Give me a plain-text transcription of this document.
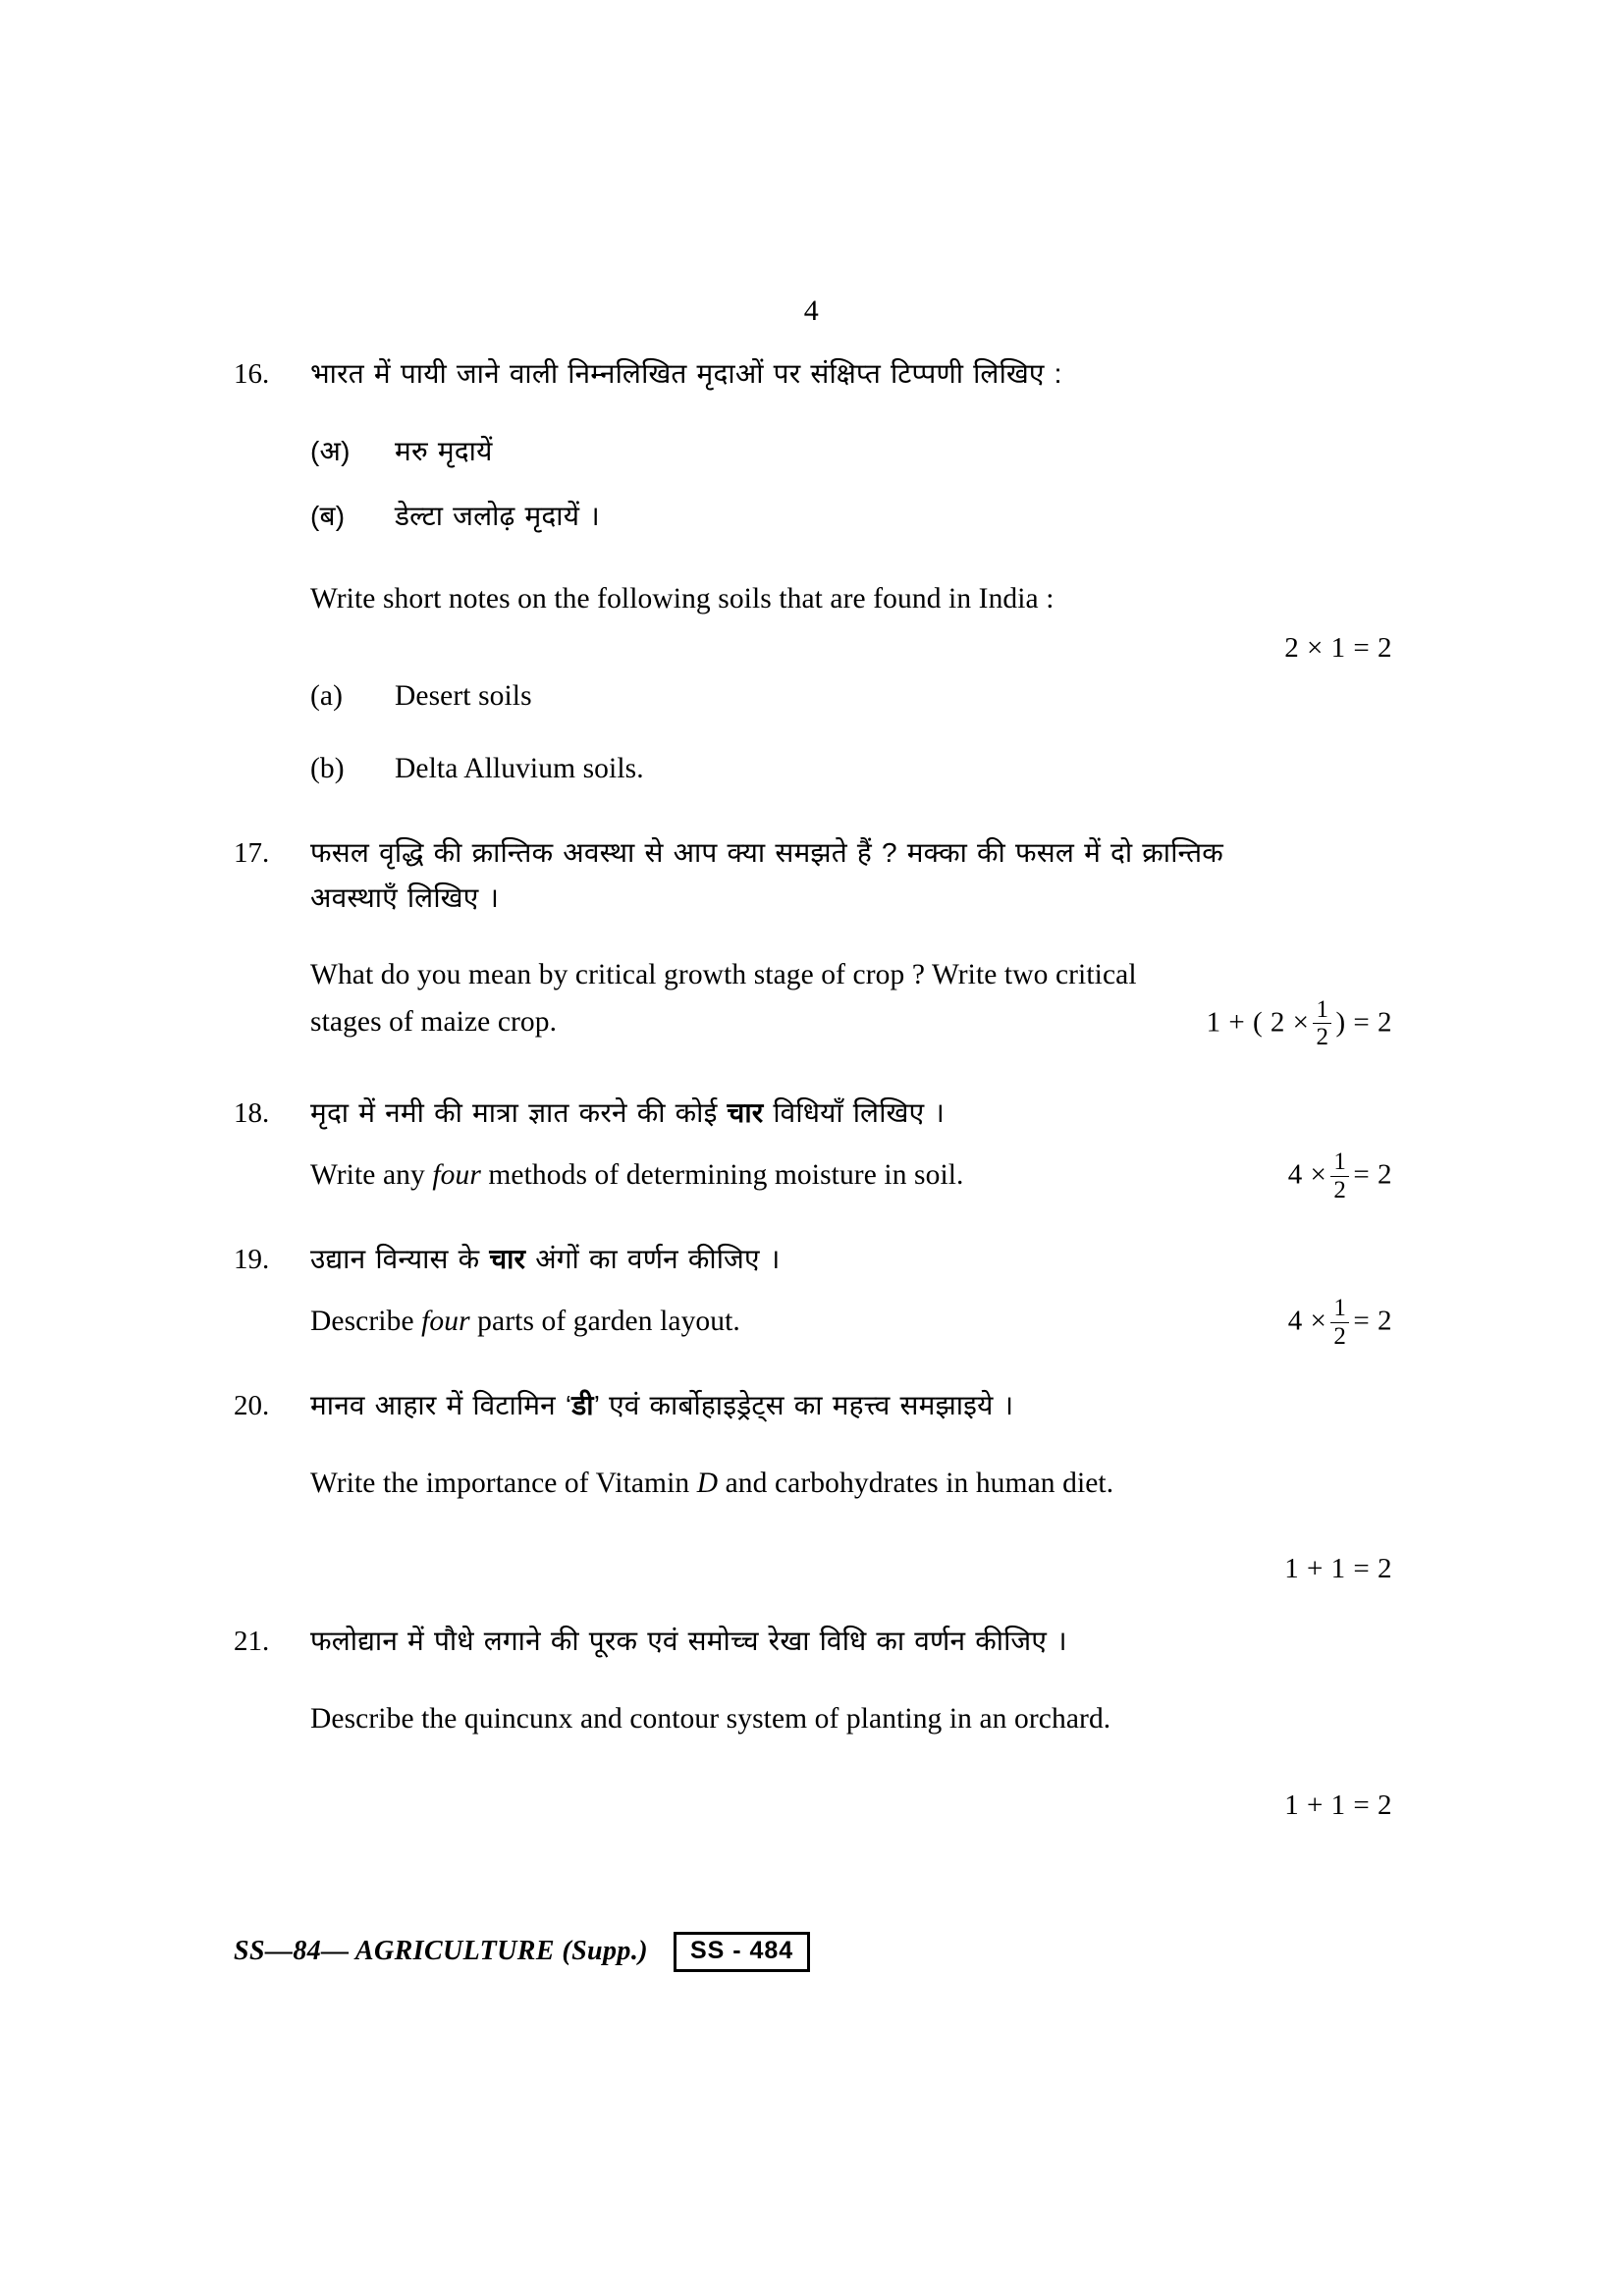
4
16.	भारत में पायी जाने वाली निम्नलिखित मृदाओं पर संक्षिप्त टिप्पणी लिखिए :
(अ)	मरु मृदायें
(ब)	डेल्टा जलोढ़ मृदायें ।
Write short notes on the following soils that are found in India :
2 × 1 = 2
(a)	Desert soils
(b)	Delta Alluvium soils.
17.	फसल वृद्धि की क्रान्तिक अवस्था से आप क्या समझते हैं ? मक्का की फसल में दो क्रान्तिक
अवस्थाएँ लिखिए ।
What do you mean by critical growth stage of crop ? Write two critical
stages of maize crop.	1 + ( $2 \times \frac{1}{2}$ ) = 2
18.	मृदा में नमी की मात्रा ज्ञात करने की कोई चार विधियाँ लिखिए ।
Write any four methods of determining moisture in soil.	$4 \times \frac{1}{2} = 2$
19.	उद्यान विन्यास के चार अंगों का वर्णन कीजिए ।
Describe four parts of garden layout.	$4 \times \frac{1}{2} = 2$
20.	मानव आहार में विटामिन ‘डी’ एवं कार्बोहाइड्रेट्स का महत्त्व समझाइये ।
Write the importance of Vitamin D and carbohydrates in human diet.
1 + 1 = 2
21.	फलोद्यान में पौधे लगाने की पूरक एवं समोच्च रेखा विधि का वर्णन कीजिए ।
Describe the quincunx and contour system of planting in an orchard.
1 + 1 = 2
SS—84— AGRICULTURE (Supp.)	SS - 484
